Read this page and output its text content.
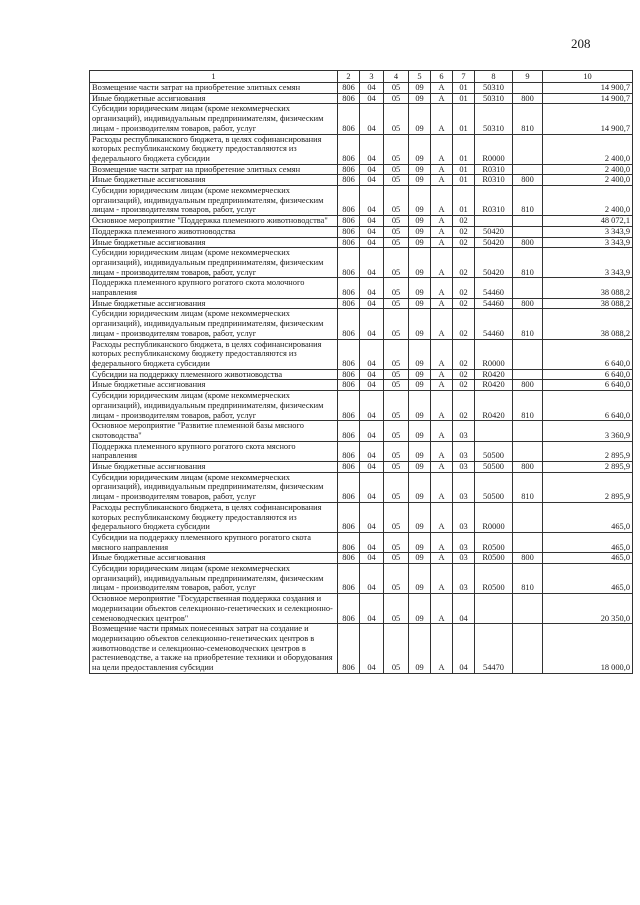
208
1	2	3	4	5	6	7	8	9	10
Возмещение части затрат на приобретение элитных семян	806	04	05	09	А	01	50310		14 900,7
Иные бюджетные ассигнования	806	04	05	09	А	01	50310	800	14 900,7
Субсидии юридическим лицам (кроме некоммерческих организаций), индивидуальным предпринимателям, физическим лицам - производителям товаров, работ, услуг	806	04	05	09	А	01	50310	810	14 900,7
Расходы республиканского бюджета, в целях софинансирования которых республиканскому бюджету предоставляются из федерального бюджета субсидии	806	04	05	09	А	01	R0000		2 400,0
Возмещение части затрат на приобретение элитных семян	806	04	05	09	А	01	R0310		2 400,0
Иные бюджетные ассигнования	806	04	05	09	А	01	R0310	800	2 400,0
Субсидии юридическим лицам (кроме некоммерческих организаций), индивидуальным предпринимателям, физическим лицам - производителям товаров, работ, услуг	806	04	05	09	А	01	R0310	810	2 400,0
Основное мероприятие "Поддержка племенного животноводства"	806	04	05	09	А	02			48 072,1
Поддержка племенного животноводства	806	04	05	09	А	02	50420		3 343,9
Иные бюджетные ассигнования	806	04	05	09	А	02	50420	800	3 343,9
Субсидии юридическим лицам (кроме некоммерческих организаций), индивидуальным предпринимателям, физическим лицам - производителям товаров, работ, услуг	806	04	05	09	А	02	50420	810	3 343,9
Поддержка племенного крупного рогатого скота молочного направления	806	04	05	09	А	02	54460		38 088,2
Иные бюджетные ассигнования	806	04	05	09	А	02	54460	800	38 088,2
Субсидии юридическим лицам (кроме некоммерческих организаций), индивидуальным предпринимателям, физическим лицам - производителям товаров, работ, услуг	806	04	05	09	А	02	54460	810	38 088,2
Расходы республиканского бюджета, в целях софинансирования которых республиканскому бюджету предоставляются из федерального бюджета субсидии	806	04	05	09	А	02	R0000		6 640,0
Субсидии на поддержку племенного животноводства	806	04	05	09	А	02	R0420		6 640,0
Иные бюджетные ассигнования	806	04	05	09	А	02	R0420	800	6 640,0
Субсидии юридическим лицам (кроме некоммерческих организаций), индивидуальным предпринимателям, физическим лицам - производителям товаров, работ, услуг	806	04	05	09	А	02	R0420	810	6 640,0
Основное мероприятие "Развитие племенной базы мясного скотоводства"	806	04	05	09	А	03			3 360,9
Поддержка племенного крупного рогатого скота мясного направления	806	04	05	09	А	03	50500		2 895,9
Иные бюджетные ассигнования	806	04	05	09	А	03	50500	800	2 895,9
Субсидии юридическим лицам (кроме некоммерческих организаций), индивидуальным предпринимателям, физическим лицам - производителям товаров, работ, услуг	806	04	05	09	А	03	50500	810	2 895,9
Расходы республиканского бюджета, в целях софинансирования которых республиканскому бюджету предоставляются из федерального бюджета субсидии	806	04	05	09	А	03	R0000		465,0
Субсидии на поддержку племенного крупного рогатого скота мясного направления	806	04	05	09	А	03	R0500		465,0
Иные бюджетные ассигнования	806	04	05	09	А	03	R0500	800	465,0
Субсидии юридическим лицам (кроме некоммерческих организаций), индивидуальным предпринимателям, физическим лицам - производителям товаров, работ, услуг	806	04	05	09	А	03	R0500	810	465,0
Основное мероприятие "Государственная поддержка создания и модернизации объектов селекционно-генетических и селекционно-семеноводческих центров"	806	04	05	09	А	04			20 350,0
Возмещение части прямых понесенных затрат на создание и модернизацию объектов селекционно-генетических центров в животноводстве и селекционно-семеноводческих центров в растениеводстве, а также на приобретение техники и оборудования на цели предоставления субсидии	806	04	05	09	А	04	54470		18 000,0
